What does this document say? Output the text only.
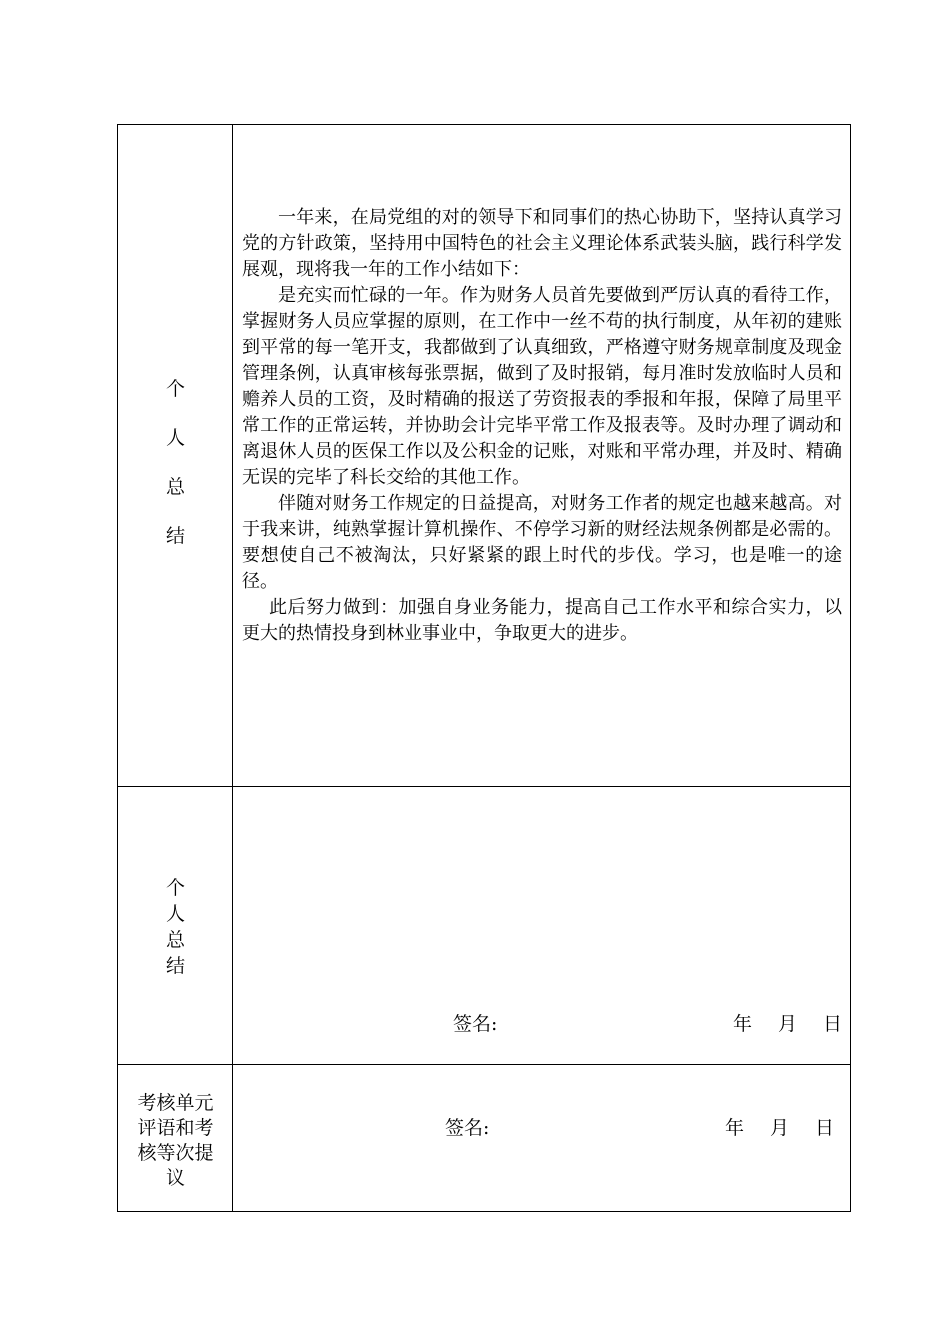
个
人
总
结

一年来，在局党组的对的领导下和同事们的热心协助下，坚持认真学习党的方针政策，坚持用中国特色的社会主义理论体系武装头脑，践行科学发展观，现将我一年的工作小结如下：

是充实而忙碌的一年。作为财务人员首先要做到严厉认真的看待工作，掌握财务人员应掌握的原则，在工作中一丝不苟的执行制度，从年初的建账到平常的每一笔开支，我都做到了认真细致，严格遵守财务规章制度及现金管理条例，认真审核每张票据，做到了及时报销，每月准时发放临时人员和赡养人员的工资，及时精确的报送了劳资报表的季报和年报，保障了局里平常工作的正常运转，并协助会计完毕平常工作及报表等。及时办理了调动和离退休人员的医保工作以及公积金的记账，对账和平常办理，并及时、精确无误的完毕了科长交给的其他工作。

伴随对财务工作规定的日益提高，对财务工作者的规定也越来越高。对于我来讲，纯熟掌握计算机操作、不停学习新的财经法规条例都是必需的。要想使自己不被淘汰，只好紧紧的跟上时代的步伐。学习，也是唯一的途径。

此后努力做到：加强自身业务能力，提高自己工作水平和综合实力，以更大的热情投身到林业事业中，争取更大的进步。

个
人
总
结
签名:	年 月 日
考核单元
评语和考
核等次提
议
签名:	年 月 日
